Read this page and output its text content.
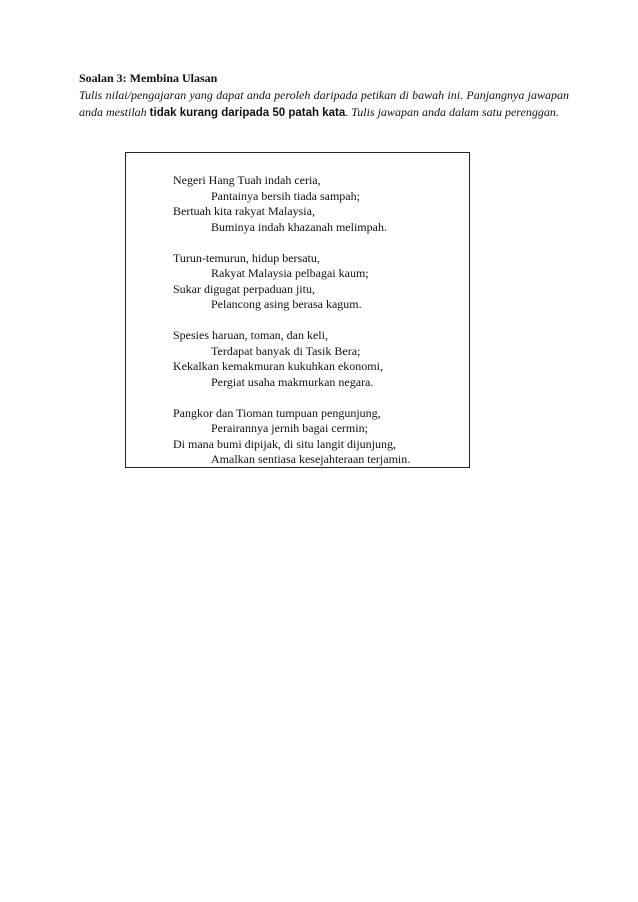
Soalan 3: Membina Ulasan

Tulis nilai/pengajaran yang dapat anda peroleh daripada petikan di bawah ini. Panjangnya jawapan anda mestilah tidak kurang daripada 50 patah kata. Tulis jawapan anda dalam satu perenggan.

Negeri Hang Tuah indah ceria,
Pantainya bersih tiada sampah;
Bertuah kita rakyat Malaysia,
Buminya indah khazanah melimpah.
Turun-temurun, hidup bersatu,
Rakyat Malaysia pelbagai kaum;
Sukar digugat perpaduan jitu,
Pelancong asing berasa kagum.
Spesies haruan, toman, dan keli,
Terdapat banyak di Tasik Bera;
Kekalkan kemakmuran kukuhkan ekonomi,
Pergiat usaha makmurkan negara.
Pangkor dan Tioman tumpuan pengunjung,
Perairannya jernih bagai cermin;
Di mana bumi dipijak, di situ langit dijunjung,
Amalkan sentiasa kesejahteraan terjamin.
